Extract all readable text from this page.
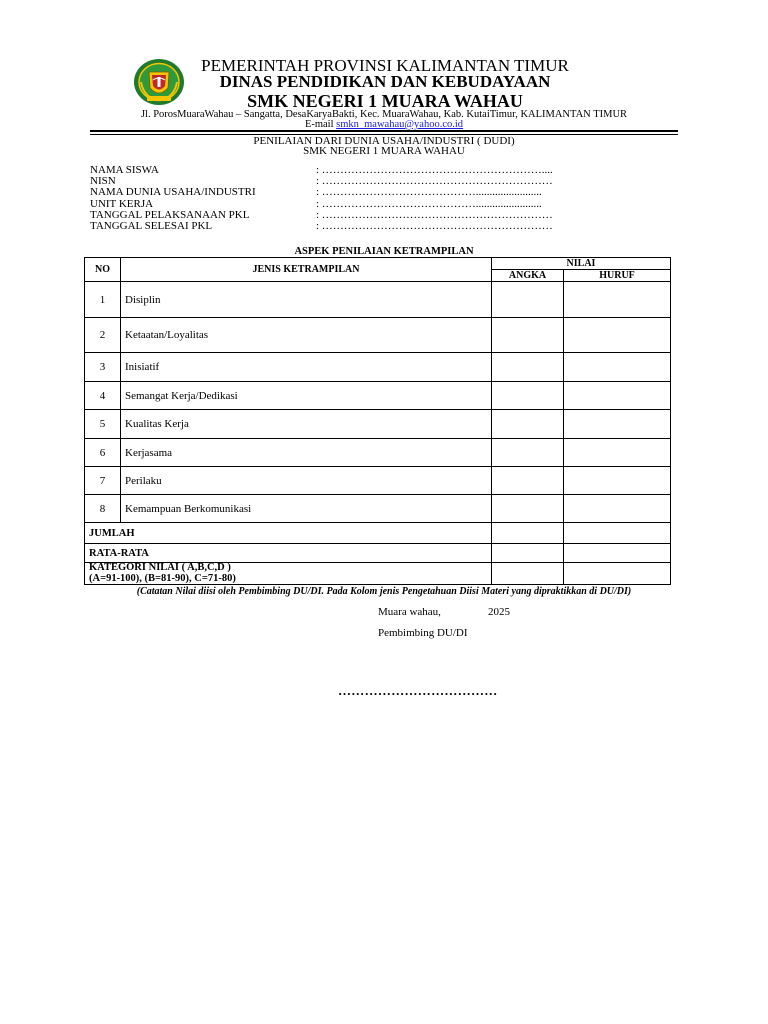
PEMERINTAH PROVINSI KALIMANTAN TIMUR
DINAS PENDIDIKAN DAN KEBUDAYAAN
SMK NEGERI 1 MUARA WAHAU
Jl. PorosMuaraWahau – Sangatta, DesaKaryaBakti, Kec. MuaraWahau, Kab. KutaiTimur, KALIMANTAN TIMUR
E-mail smkn_mawahau@yahoo.co.id
PENILAIAN DARI DUNIA USAHA/INDUSTRI ( DUDI)
SMK NEGERI 1 MUARA WAHAU
NAMA SISWA	: ……………………………………………………....
NISN	: ………………………………………………………
NAMA DUNIA USAHA/INDUSTRI	: ……………………………………........................
UNIT KERJA	: ……………………………………........................
TANGGAL PELAKSANAAN PKL	: ………………………………………………………
TANGGAL SELESAI PKL	: ………………………………………………………
ASPEK PENILAIAN KETRAMPILAN
NO	JENIS KETRAMPILAN	NILAI	
		ANGKA	HURUF
1	Disiplin		
2	Ketaatan/Loyalitas		
3	Inisiatif		
4	Semangat Kerja/Dedikasi		
5	Kualitas Kerja		
6	Kerjasama		
7	Perilaku		
8	Kemampuan Berkomunikasi		
JUMLAH			
RATA-RATA			

KATEGORI NILAI ( A,B,C,D )
(A=91-100), (B=81-90), C=71-80)			

(Catatan Nilai diisi oleh Pembimbing DU/DI. Pada Kolom jenis Pengetahuan Diisi Materi yang dipraktikkan di DU/DI)
Muara wahau,	2025
Pembimbing DU/DI
………………………………
